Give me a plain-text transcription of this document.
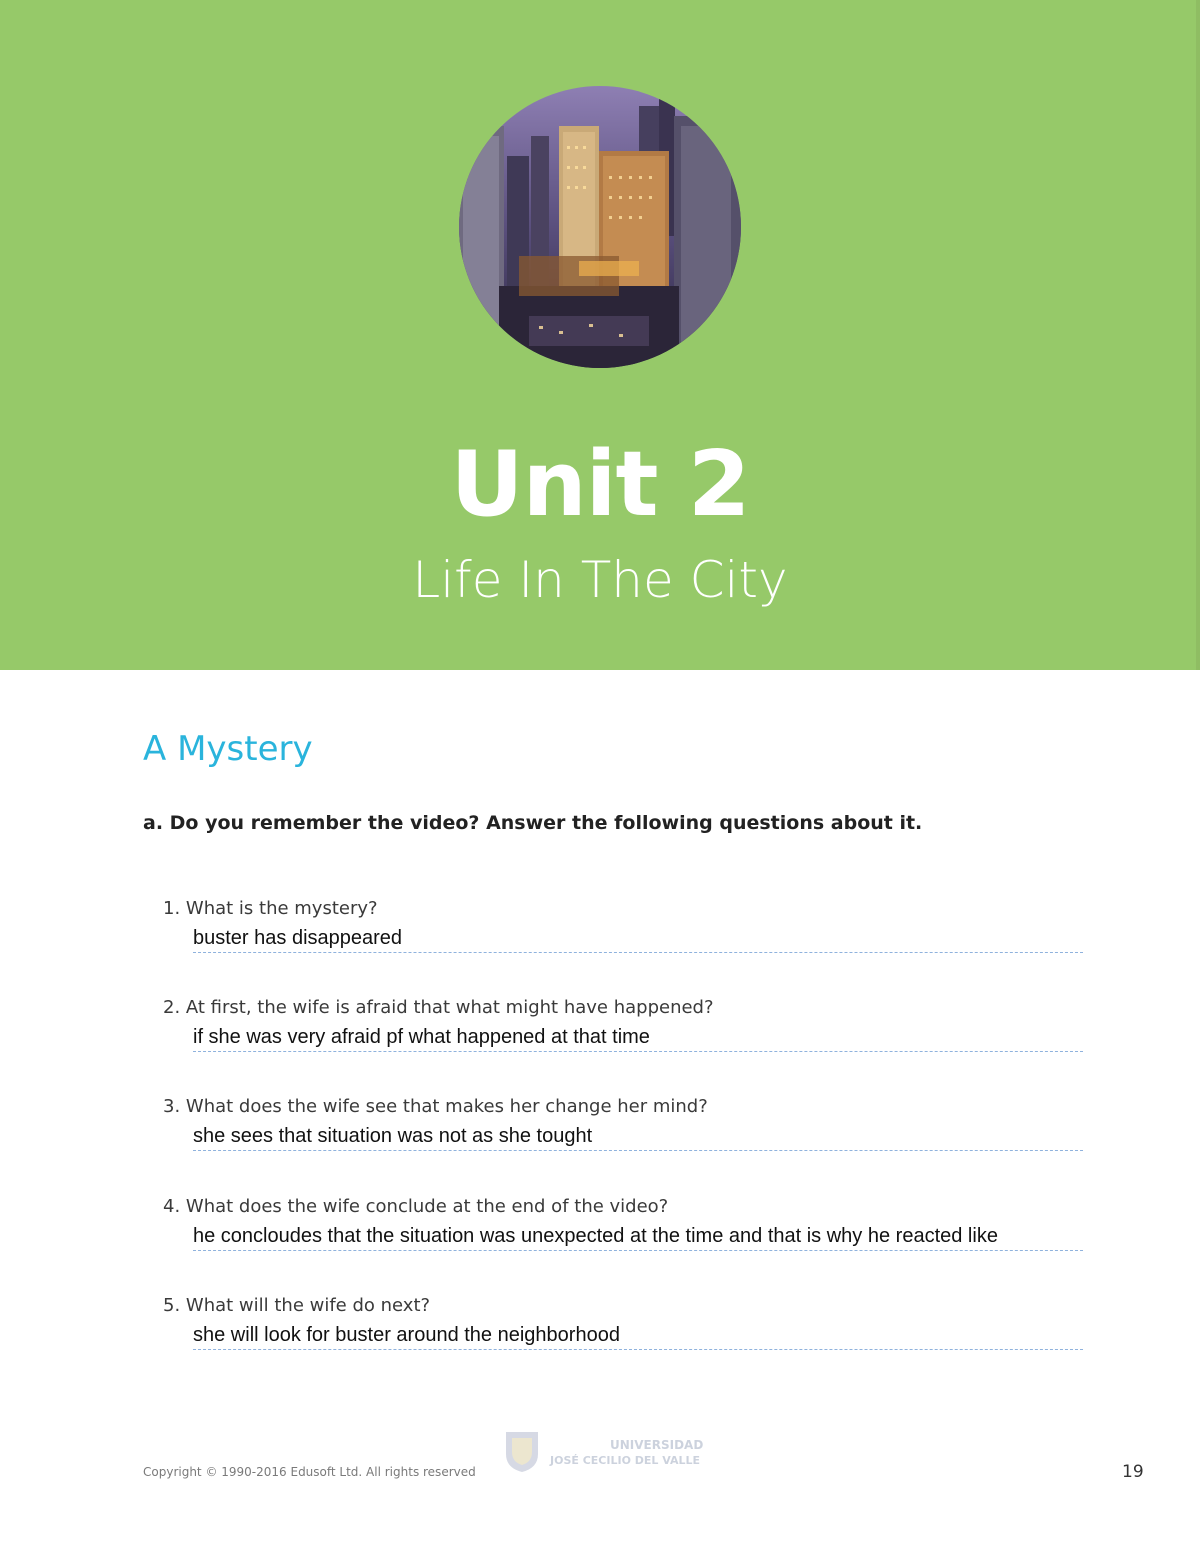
Unit 2
Life In The City
A Mystery
a. Do you remember the video? Answer the following questions about it.
1. What is the mystery?
buster has disappeared
2. At first, the wife is afraid that what might have happened?
if she was very afraid pf what happened at that time
3. What does the wife see that makes her change her mind?
she sees that situation was not as she tought
4. What does the wife conclude at the end of the video?
he concloudes that the situation was unexpected at the time and that is why he reacted like
5. What will the wife do next?
she will look for buster around the neighborhood
UNIVERSIDAD
JOSÉ CECILIO DEL VALLE
Copyright © 1990-2016 Edusoft Ltd. All rights reserved	19
